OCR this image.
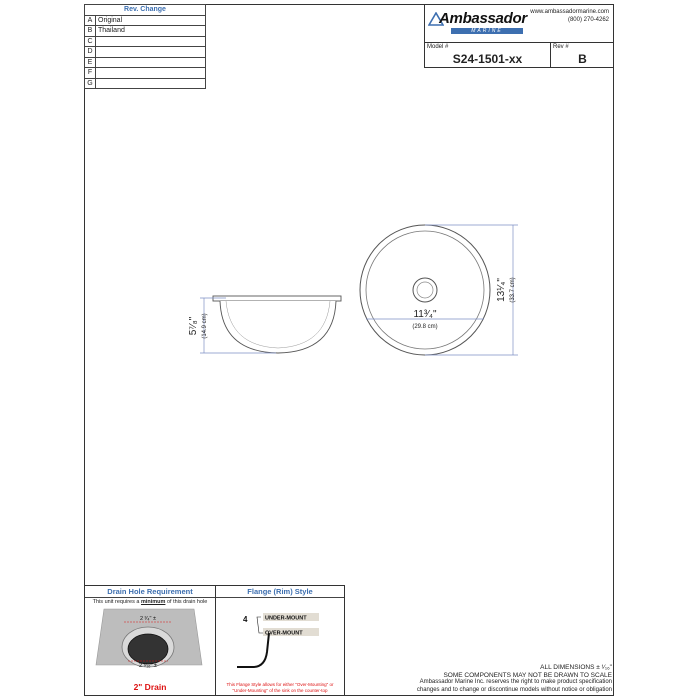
Rev. Change	
A	Original
B	Thailand
C	
D	
E	
F	
G	
Ambassador
MARINE
www.ambassadormarine.com
(800) 270-4262
Model #
S24-1501-xx
Rev #
B
5⁷⁄₈" (14.9 cm)	11³⁄₄"
(29.8 cm)
13¹⁄₄" (33.7 cm)
Drain Hole Requirement
This unit requires a minimum of this drain hole
2 ³⁄₄" ±
2 ¹⁄₁₆" ±
2" Drain
Flange (Rim) Style
4	UNDER-MOUNT
OVER-MOUNT
This Flange Style allows for either "Over-Mounting" or "Under-Mounting" of the sink on the counter-top
ALL DIMENSIONS ± ¹⁄₁₆"
SOME COMPONENTS MAY NOT BE DRAWN TO SCALE
Ambassador Marine Inc. reserves the right to make product specification
changes and to change or discontinue models without notice or obligation
